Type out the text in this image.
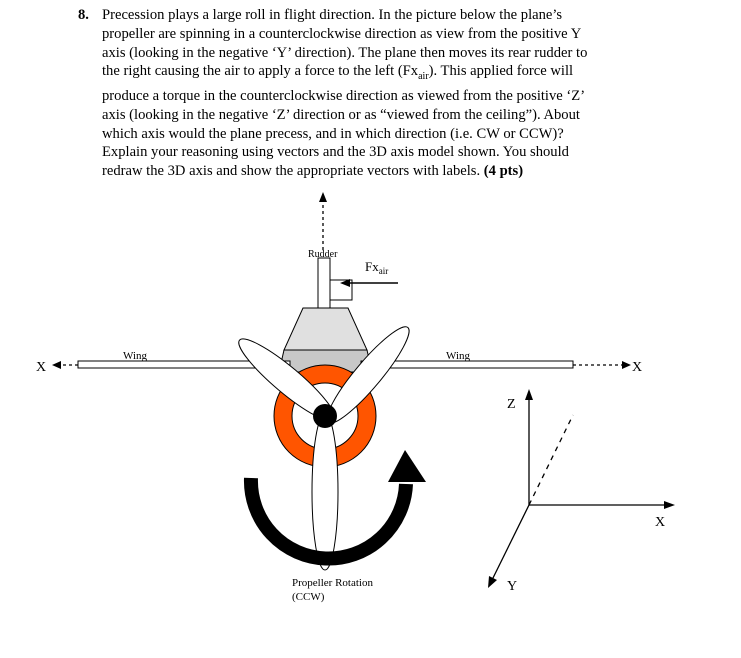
8. Precession plays a large roll in flight direction. In the picture below the plane’s
propeller are spinning in a counterclockwise direction as view from the positive Y
axis (looking in the negative ‘Y’ direction). The plane then moves its rear rudder to
the right causing the air to apply a force to the left $(Fx_{air})$. This applied force will
produce a torque in the counterclockwise direction as viewed from the positive ‘Z’
axis (looking in the negative ‘Z’ direction or as “viewed from the ceiling”). About
which axis would the plane precess, and in which direction (i.e. CW or CCW)?
Explain your reasoning using vectors and the 3D axis model shown. You should
redraw the 3D axis and show the appropriate vectors with labels. (4 pts)
Rudder
$Fx_{air}$
Wing	Wing
X	X
Propeller Rotation
(CCW)
Z
X
Y
